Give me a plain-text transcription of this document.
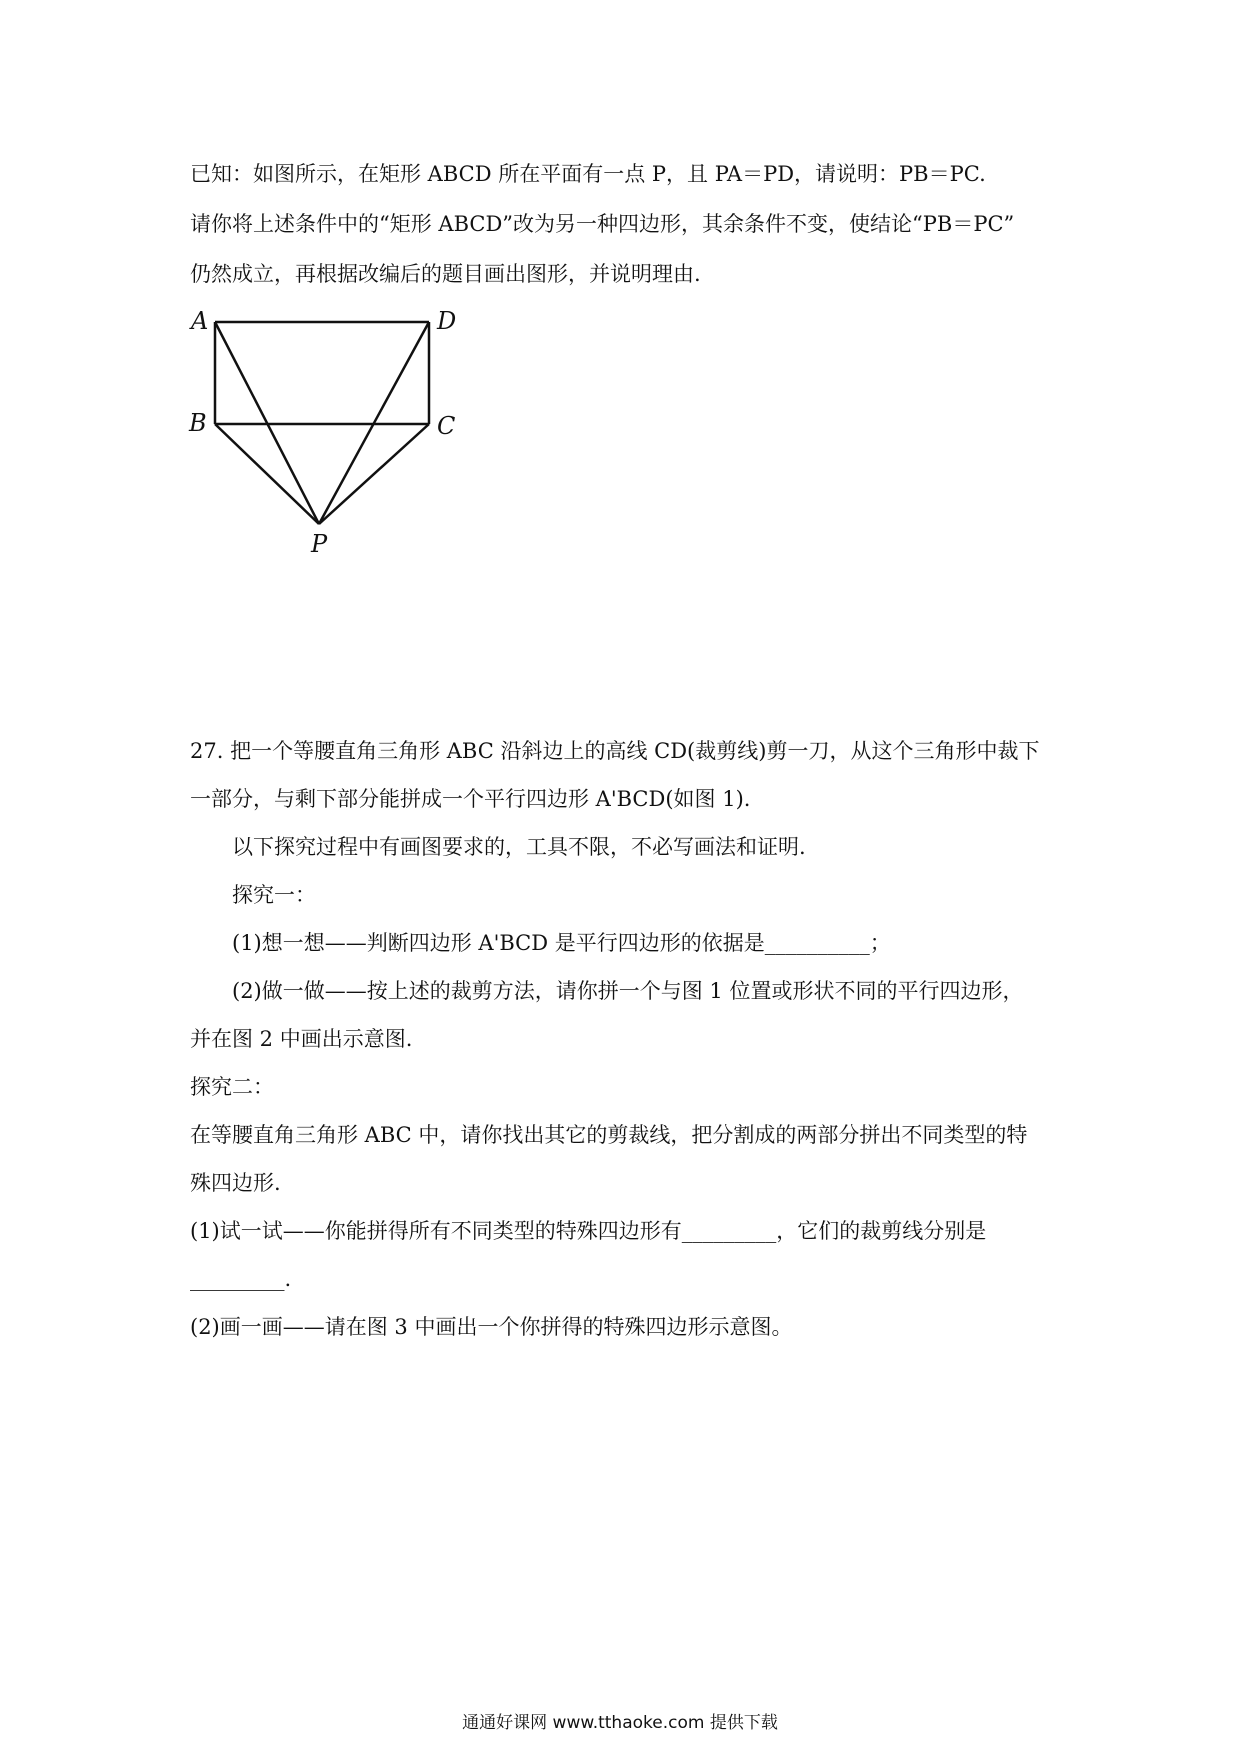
已知：如图所示，在矩形 ABCD 所在平面有一点 P，且 PA＝PD，请说明：PB＝PC.
请你将上述条件中的“矩形 ABCD”改为另一种四边形，其余条件不变，使结论“PB＝PC”
仍然成立，再根据改编后的题目画出图形，并说明理由.
A	D
B	C
P
27. 把一个等腰直角三角形 ABC 沿斜边上的高线 CD(裁剪线)剪一刀，从这个三角形中裁下
一部分，与剩下部分能拼成一个平行四边形 A'BCD(如图 1).
以下探究过程中有画图要求的，工具不限，不必写画法和证明.
探究一：
(1)想一想——判断四边形 A'BCD 是平行四边形的依据是__________；
(2)做一做——按上述的裁剪方法，请你拼一个与图 1 位置或形状不同的平行四边形，
并在图 2 中画出示意图.
探究二：
在等腰直角三角形 ABC 中，请你找出其它的剪裁线，把分割成的两部分拼出不同类型的特
殊四边形.
(1)试一试——你能拼得所有不同类型的特殊四边形有_________，它们的裁剪线分别是
_________.
(2)画一画——请在图 3 中画出一个你拼得的特殊四边形示意图。
通通好课网 www.tthaoke.com 提供下载
